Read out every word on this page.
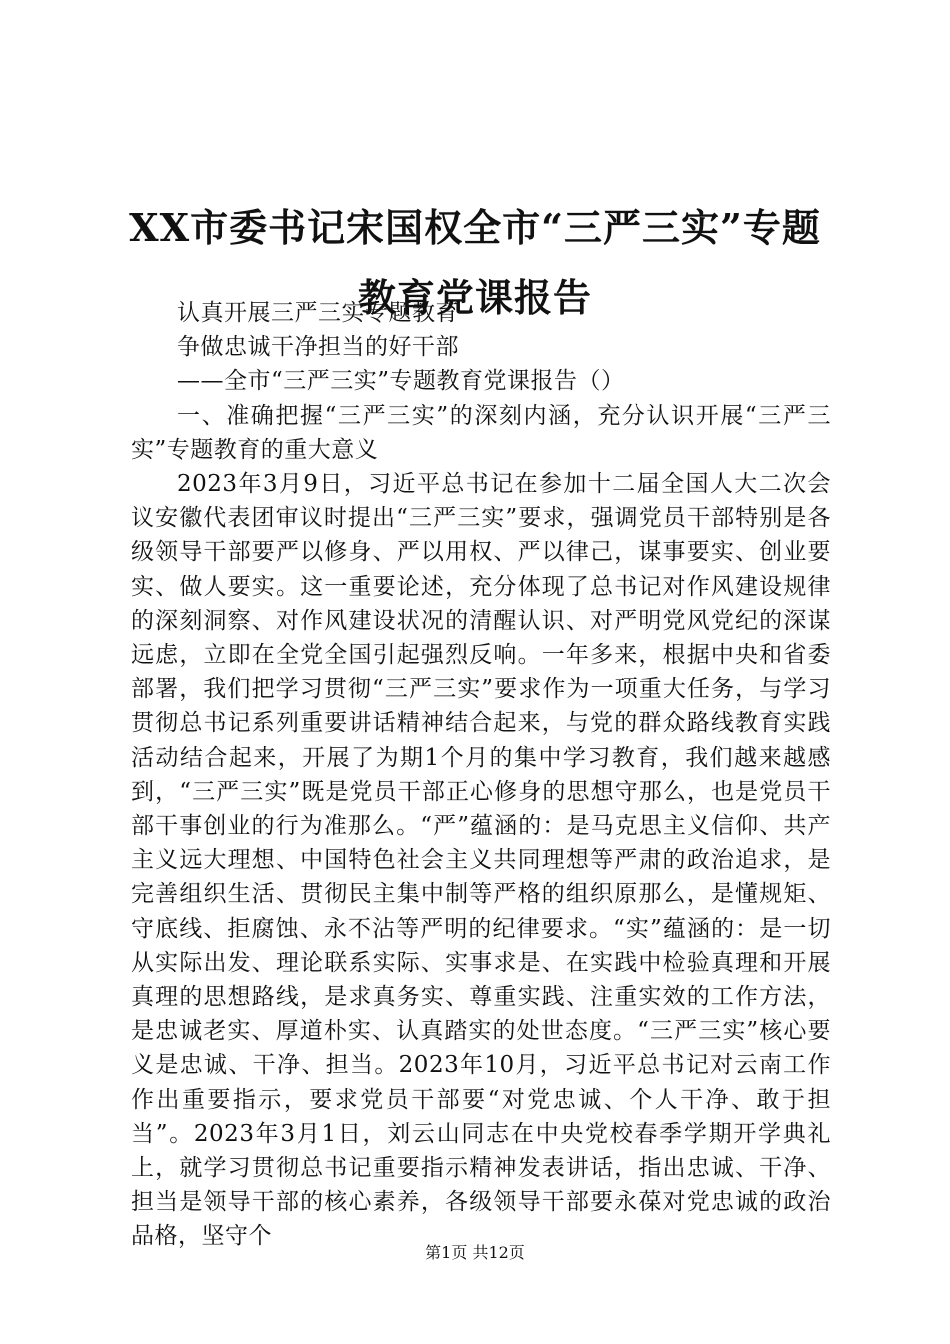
XX市委书记宋国权全市“三严三实”专题教育党课报告

认真开展三严三实专题教育

争做忠诚干净担当的好干部

——全市“三严三实”专题教育党课报告（）

一、准确把握“三严三实”的深刻内涵，充分认识开展“三严三实”专题教育的重大意义

2023年3月9日，习近平总书记在参加十二届全国人大二次会议安徽代表团审议时提出“三严三实”要求，强调党员干部特别是各级领导干部要严以修身、严以用权、严以律己，谋事要实、创业要实、做人要实。这一重要论述，充分体现了总书记对作风建设规律的深刻洞察、对作风建设状况的清醒认识、对严明党风党纪的深谋远虑，立即在全党全国引起强烈反响。一年多来，根据中央和省委部署，我们把学习贯彻“三严三实”要求作为一项重大任务，与学习贯彻总书记系列重要讲话精神结合起来，与党的群众路线教育实践活动结合起来，开展了为期1个月的集中学习教育，我们越来越感到，“三严三实”既是党员干部正心修身的思想守那么，也是党员干部干事创业的行为准那么。“严”蕴涵的：是马克思主义信仰、共产主义远大理想、中国特色社会主义共同理想等严肃的政治追求，是完善组织生活、贯彻民主集中制等严格的组织原那么，是懂规矩、守底线、拒腐蚀、永不沾等严明的纪律要求。“实”蕴涵的：是一切从实际出发、理论联系实际、实事求是、在实践中检验真理和开展真理的思想路线，是求真务实、尊重实践、注重实效的工作方法，是忠诚老实、厚道朴实、认真踏实的处世态度。“三严三实”核心要义是忠诚、干净、担当。2023年10月，习近平总书记对云南工作作出重要指示，要求党员干部要“对党忠诚、个人干净、敢于担当”。2023年3月1日，刘云山同志在中央党校春季学期开学典礼上，就学习贯彻总书记重要指示精神发表讲话，指出忠诚、干净、担当是领导干部的核心素养，各级领导干部要永葆对党忠诚的政治品格，坚守个

第1页 共12页
